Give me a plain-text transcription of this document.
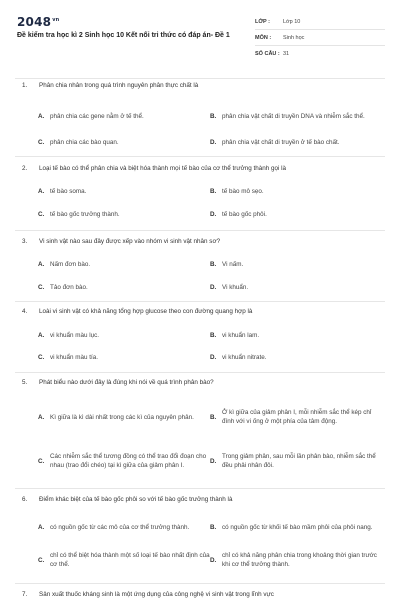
$2048^{vn}$
Đề kiểm tra học kì 2 Sinh học 10 Kết nối tri thức có đáp án- Đề 1
LỚP :	Lớp 10
MÔN :	Sinh học
SỐ CÂU : 31
1. Phân chia nhân trong quá trình nguyên phân thực chất là
A. phân chia các gene nằm ở tế thể.	B. phân chia vật chất di truyền DNA và nhiễm sắc thể.
C. phân chia các bào quan.	D. phân chia vật chất di truyền ở tế bào chất.
2. Loại tế bào có thể phân chia và biệt hóa thành mọi tế bào của cơ thể trưởng thành gọi là
A. tế bào soma.	B. tế bào mô sẹo.
C. tế bào gốc trưởng thành.	D. tế bào gốc phôi.
3. Vi sinh vật nào sau đây được xếp vào nhóm vi sinh vật nhân sơ?
A. Nấm đơn bào.	B. Vi nấm.
C. Tảo đơn bào.	D. Vi khuẩn.
4. Loài vi sinh vật có khả năng tổng hợp glucose theo con đường quang hợp là
A. vi khuẩn màu lục.	B. vi khuẩn lam.
C. vi khuẩn màu tía.	D. vi khuẩn nitrate.
5. Phát biểu nào dưới đây là đúng khi nói về quá trình phân bào?
A. Kì giữa là kì dài nhất trong các kì của nguyên phân.	B.
Ở kì giữa của giảm phân I, mỗi nhiễm sắc thể kép chỉ đính với vi ống ở một phía của tâm động.
C.
Các nhiễm sắc thể tương đồng có thể trao đổi đoạn cho nhau (trao đổi chéo) tại kì giữa của giảm phân I.
D.
Trong giảm phân, sau mỗi lần phân bào, nhiễm sắc thể đều phải nhân đôi.
6. Điểm khác biệt của tế bào gốc phôi so với tế bào gốc trưởng thành là
A. có nguồn gốc từ các mô của cơ thể trưởng thành.	B. có nguồn gốc từ khối tế bào mầm phôi của phôi nang.
C.
chỉ có thể biệt hóa thành một số loại tế bào nhất định của cơ thể.
D.
chỉ có khả năng phân chia trong khoảng thời gian trước khi cơ thể trưởng thành.
7. Sản xuất thuốc kháng sinh là một ứng dụng của công nghệ vi sinh vật trong lĩnh vực
